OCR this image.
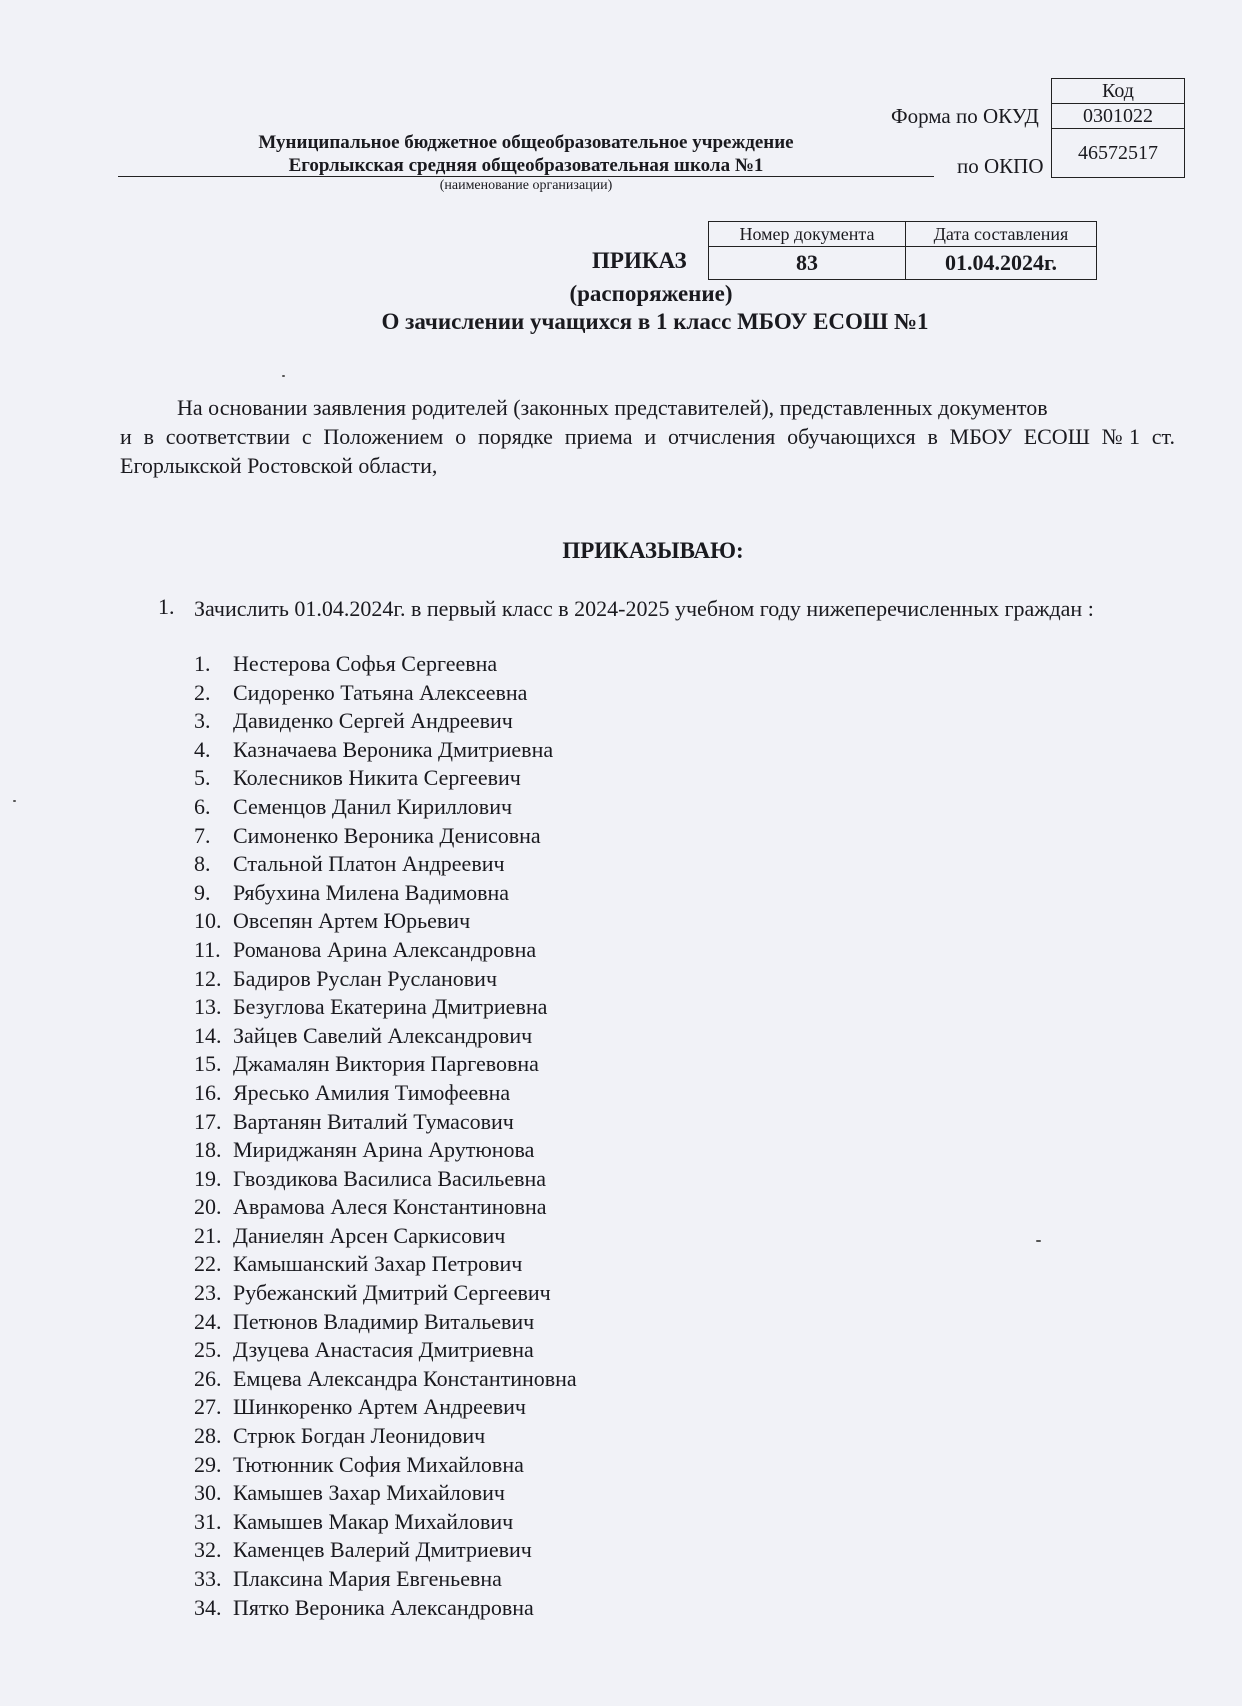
Код
0301022
46572517
Форма по ОКУД
по ОКПО
Муниципальное бюджетное общеобразовательное учреждение
Егорлыкская средняя общеобразовательная школа №1
(наименование организации)
Номер документа	Дата составления
83	01.04.2024г.
ПРИКАЗ
(распоряжение)
О зачислении учащихся в 1 класс МБОУ ЕСОШ №1
На основании заявления родителей (законных представителей), представленных документов
и в соответствии с Положением о порядке приема и отчисления обучающихся в МБОУ ЕСОШ №1 ст. Егорлыкской Ростовской области,
ПРИКАЗЫВАЮ:
1. Зачислить 01.04.2024г. в первый класс в 2024-2025 учебном году нижеперечисленных граждан :
1. Нестерова Софья Сергеевна
2. Сидоренко Татьяна Алексеевна
3. Давиденко Сергей Андреевич
4. Казначаева Вероника Дмитриевна
5. Колесников Никита Сергеевич
6. Семенцов Данил Кириллович
7. Симоненко Вероника Денисовна
8. Стальной Платон Андреевич
9. Рябухина Милена Вадимовна
10. Овсепян Артем Юрьевич
11. Романова Арина Александровна
12. Бадиров Руслан Русланович
13. Безуглова Екатерина Дмитриевна
14. Зайцев Савелий Александрович
15. Джамалян Виктория Паргевовна
16. Яресько Амилия Тимофеевна
17. Вартанян Виталий Тумасович
18. Мириджанян Арина Арутюнова
19. Гвоздикова Василиса Васильевна
20. Аврамова Алеся Константиновна
21. Даниелян Арсен Саркисович
22. Камышанский Захар Петрович
23. Рубежанский Дмитрий Сергеевич
24. Петюнов Владимир Витальевич
25. Дзуцева Анастасия Дмитриевна
26. Емцева Александра Константиновна
27. Шинкоренко Артем Андреевич
28. Стрюк Богдан Леонидович
29. Тютюнник София Михайловна
30. Камышев Захар Михайлович
31. Камышев Макар Михайлович
32. Каменцев Валерий Дмитриевич
33. Плаксина Мария Евгеньевна
34. Пятко Вероника Александровна
